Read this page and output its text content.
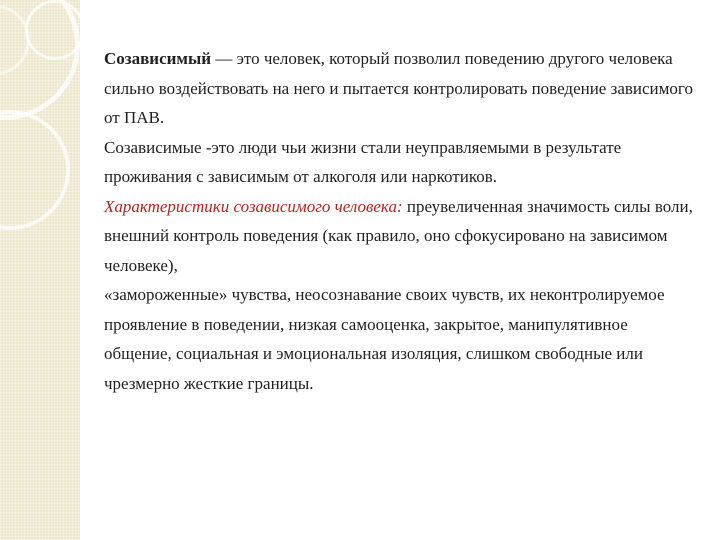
Созависимый — это человек, который позволил поведению другого человека сильно воздействовать на него и пытается контролировать поведение зависимого от ПАВ.

Созависимые -это люди чьи жизни стали неуправляемыми в результате проживания с зависимым от алкоголя или наркотиков.

Характеристики созависимого человека: преувеличенная значимость силы воли, внешний контроль поведения (как правило, оно сфокусировано на зависимом человеке),

«замороженные» чувства, неосознавание своих чувств, их неконтролируемое проявление в поведении, низкая самооценка, закрытое, манипулятивное общение, социальная и эмоциональная изоляция, слишком свободные или чрезмерно жесткие границы.
